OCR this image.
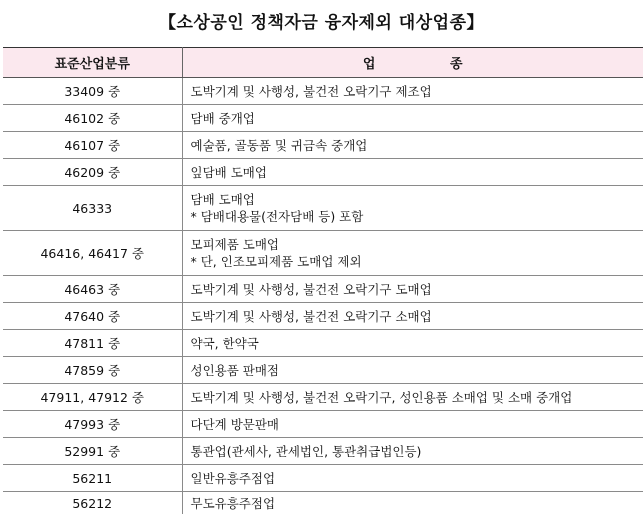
【소상공인 정책자금 융자제외 대상업종】
표준산업분류	업 종
33409 중	도박기계 및 사행성, 불건전 오락기구 제조업

46102 중	담배 중개업

46107 중	예술품, 골동품 및 귀금속 중개업

46209 중	잎담배 도매업

46333	담배 도매업
* 담배대용물(전자담배 등) 포함

46416, 46417 중	모피제품 도매업
* 단, 인조모피제품 도매업 제외

46463 중	도박기계 및 사행성, 불건전 오락기구 도매업

47640 중	도박기계 및 사행성, 불건전 오락기구 소매업

47811 중	약국, 한약국

47859 중	성인용품 판매점

47911, 47912 중	도박기계 및 사행성, 불건전 오락기구, 성인용품 소매업 및 소매 중개업

47993 중	다단계 방문판매

52991 중	통관업(관세사, 관세법인, 통관취급법인등)

56211	일반유흥주점업

56212	무도유흥주점업
